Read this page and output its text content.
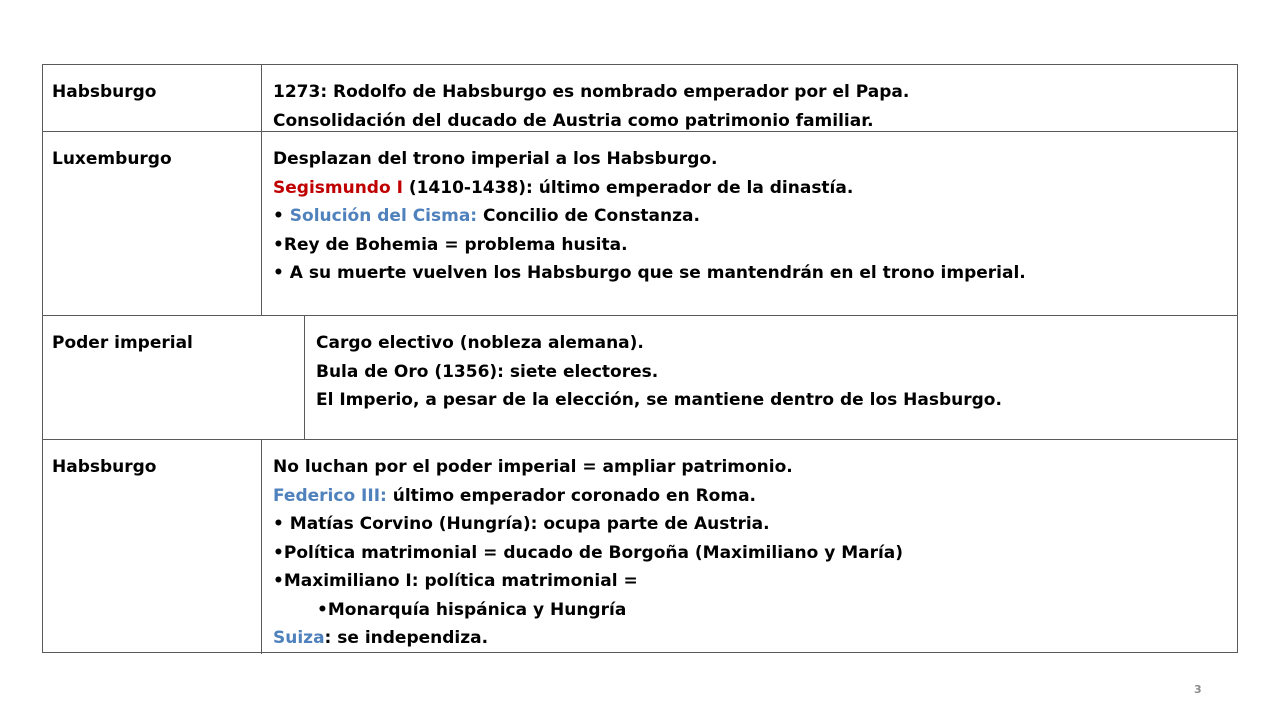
Habsburgo	1273: Rodolfo de Habsburgo es nombrado emperador por el Papa.
Consolidación del ducado de Austria como patrimonio familiar.
Luxemburgo	Desplazan del trono imperial a los Habsburgo.
Segismundo I (1410-1438): último emperador de la dinastía.
• Solución del Cisma: Concilio de Constanza.
•Rey de Bohemia = problema husita.
• A su muerte vuelven los Habsburgo que se mantendrán en el trono imperial.
Poder imperial	Cargo electivo (nobleza alemana).
Bula de Oro (1356): siete electores.
El Imperio, a pesar de la elección, se mantiene dentro de los Hasburgo.
Habsburgo	No luchan por el poder imperial = ampliar patrimonio.
Federico III: último emperador coronado en Roma.
• Matías Corvino (Hungría): ocupa parte de Austria.
•Política matrimonial = ducado de Borgoña (Maximiliano y María)
•Maximiliano I: política matrimonial =
•Monarquía hispánica y Hungría
Suiza: se independiza.
3
